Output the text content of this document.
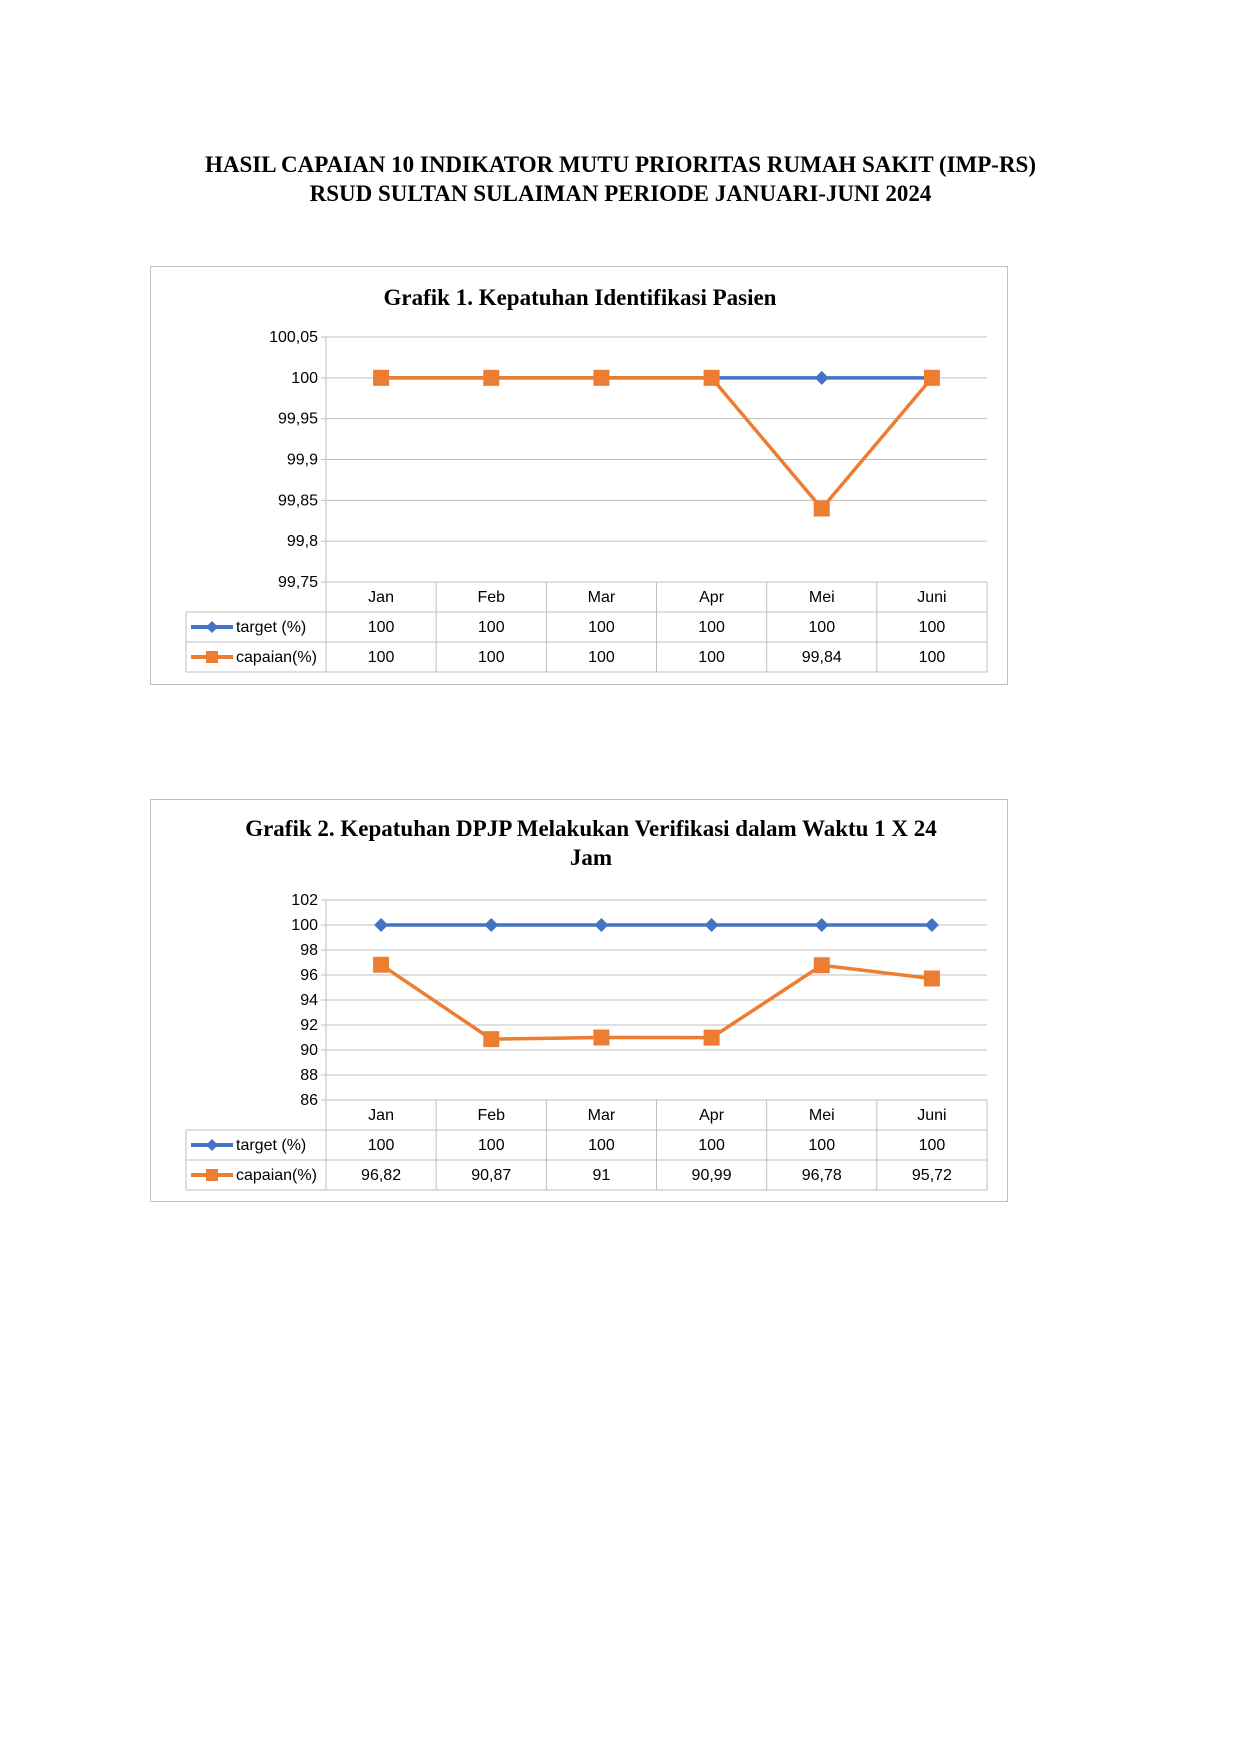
HASIL CAPAIAN 10 INDIKATOR MUTU PRIORITAS RUMAH SAKIT (IMP-RS)
RSUD SULTAN SULAIMAN PERIODE JANUARI-JUNI 2024
Grafik 1. Kepatuhan Identifikasi Pasien
99,75
99,8
99,85
99,9
99,95
100
100,05
Jan	Feb	Mar	Apr	Mei	Juni
target (%)	100	100	100	100	100	100
capaian(%)	100	100	100	100	99,84	100
Grafik 2. Kepatuhan DPJP Melakukan Verifikasi dalam Waktu 1 X 24 Jam
86
88
90
92
94
96
98
100
102
Jan	Feb	Mar	Apr	Mei	Juni
target (%)	100	100	100	100	100	100
capaian(%)	96,82	90,87	91	90,99	96,78	95,72
